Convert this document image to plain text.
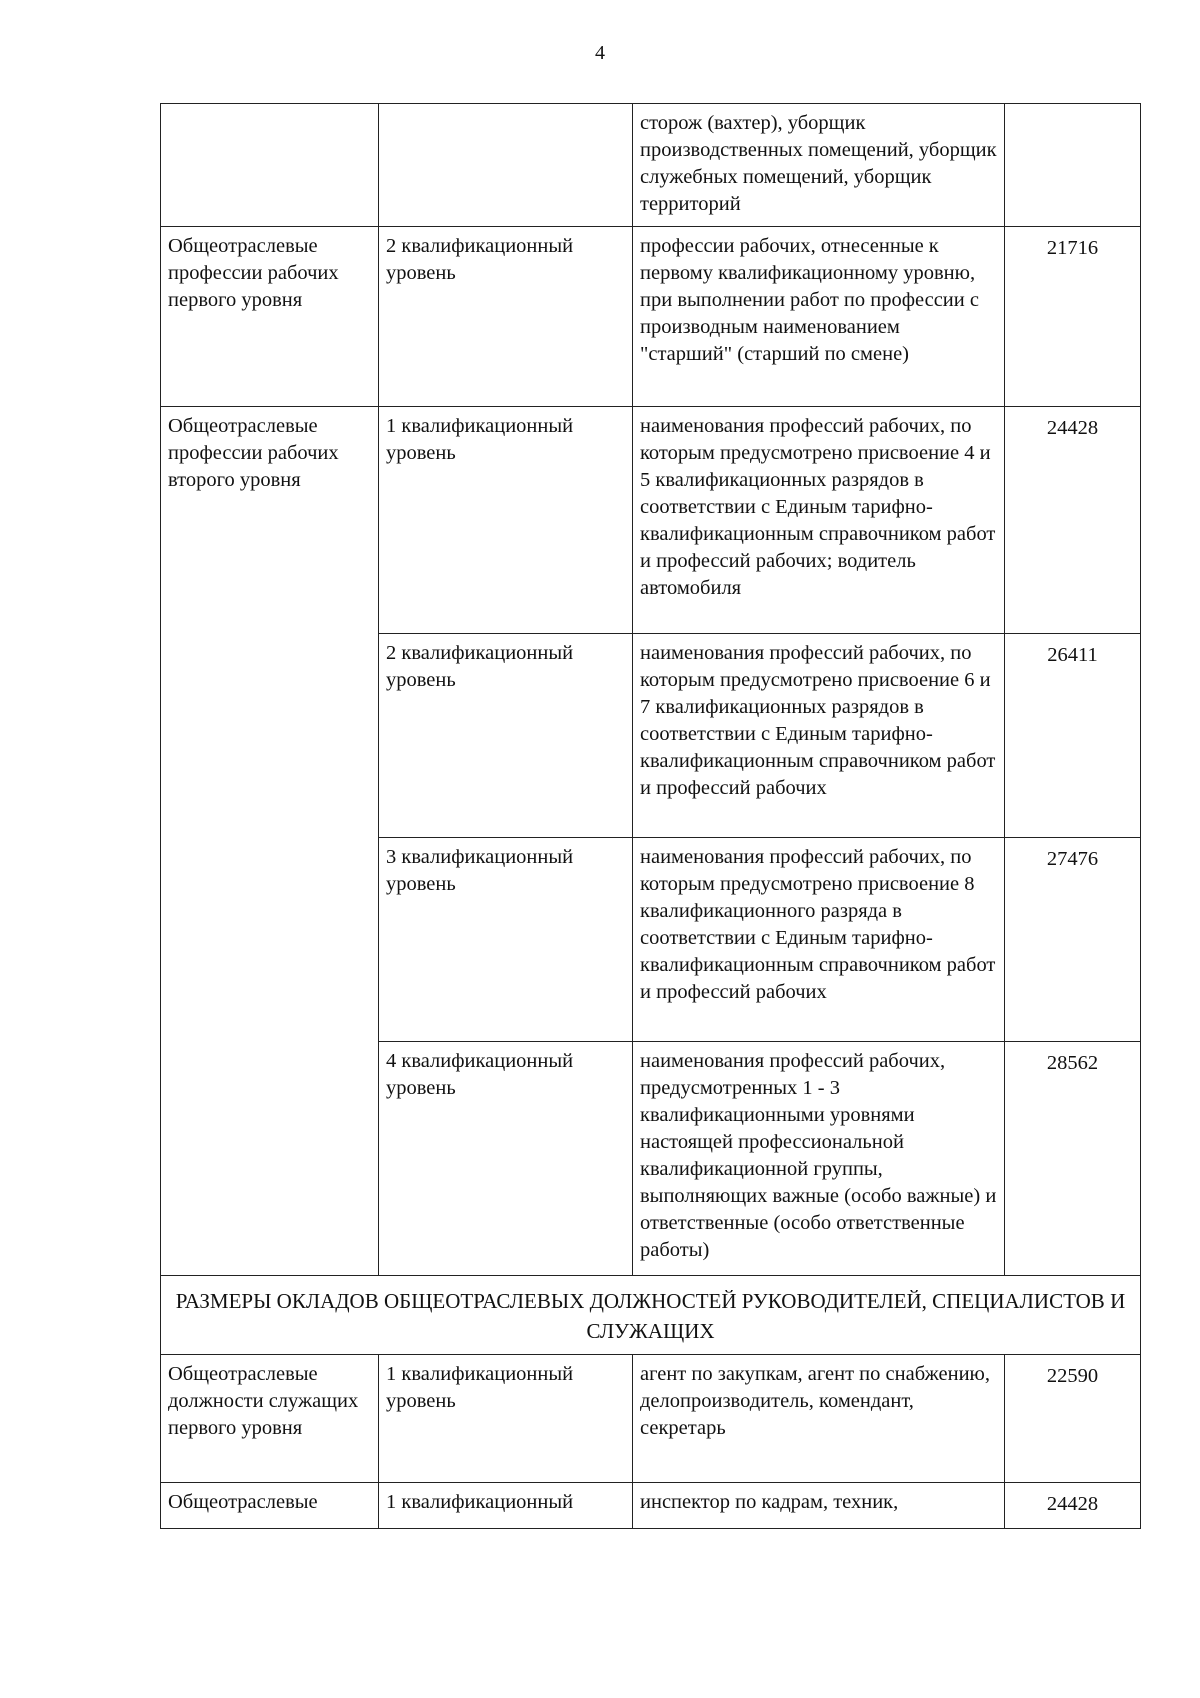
4
		сторож (вахтер), уборщик производственных помещений, уборщик служебных помещений, уборщик территорий	
Общеотраслевые профессии рабочих первого уровня	2 квалификационный уровень	профессии рабочих, отнесенные к первому квалификационному уровню, при выполнении работ по профессии с производным наименованием "старший" (старший по смене)	21716
Общеотраслевые профессии рабочих второго уровня	1 квалификационный уровень	наименования профессий рабочих, по которым предусмотрено присвоение 4 и 5 квалификационных разрядов в соответствии с Единым тарифно-квалификационным справочником работ и профессий рабочих; водитель автомобиля	24428
	2 квалификационный уровень	наименования профессий рабочих, по которым предусмотрено присвоение 6 и 7 квалификационных разрядов в соответствии с Единым тарифно-квалификационным справочником работ и профессий рабочих	26411
	3 квалификационный уровень	наименования профессий рабочих, по которым предусмотрено присвоение 8 квалификационного разряда в соответствии с Единым тарифно-квалификационным справочником работ и профессий рабочих	27476
	4 квалификационный уровень	наименования профессий рабочих, предусмотренных 1 - 3 квалификационными уровнями настоящей профессиональной квалификационной группы, выполняющих важные (особо важные) и ответственные (особо ответственные работы)	28562
РАЗМЕРЫ ОКЛАДОВ ОБЩЕОТРАСЛЕВЫХ ДОЛЖНОСТЕЙ РУКОВОДИТЕЛЕЙ, СПЕЦИАЛИСТОВ И СЛУЖАЩИХ			
Общеотраслевые должности служащих первого уровня	1 квалификационный уровень	агент по закупкам, агент по снабжению, делопроизводитель, комендант, секретарь	22590
Общеотраслевые	1 квалификационный	инспектор по кадрам, техник,	24428
